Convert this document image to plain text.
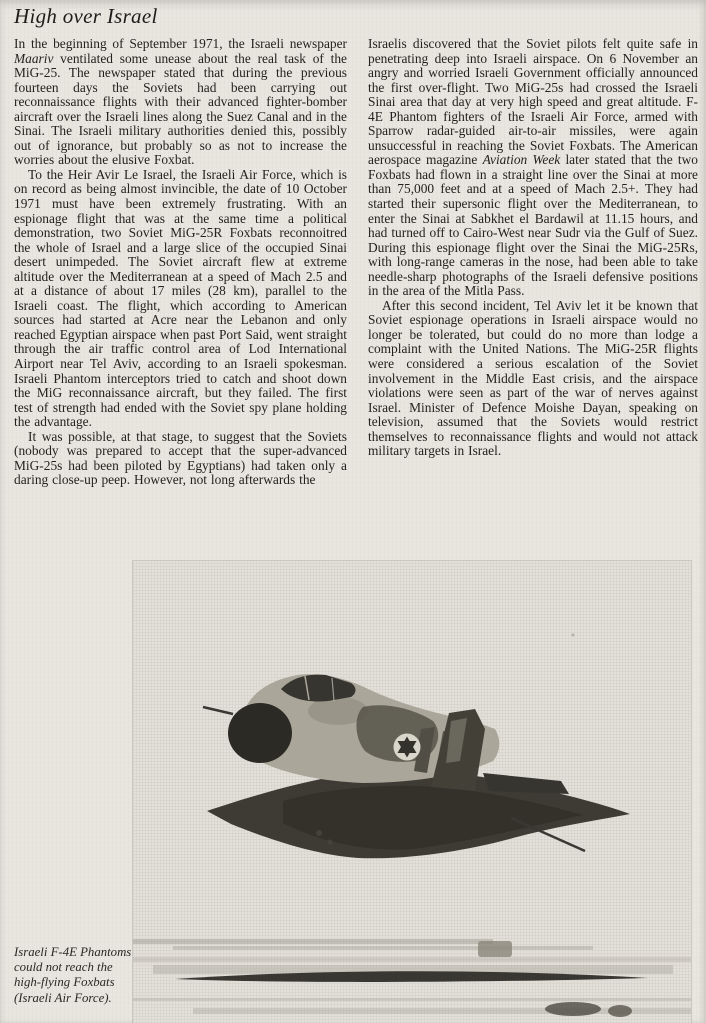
High over Israel

In the beginning of September 1971, the Israeli newspaper Maariv ventilated some unease about the real task of the MiG-25. The newspaper stated that during the previous fourteen days the Soviets had been carrying out reconnaissance flights with their advanced fighter-bomber aircraft over the Israeli lines along the Suez Canal and in the Sinai. The Israeli military authorities denied this, possibly out of ignorance, but probably so as not to increase the worries about the elusive Foxbat.

To the Heir Avir Le Israel, the Israeli Air Force, which is on record as being almost invincible, the date of 10 October 1971 must have been extremely frustrating. With an espionage flight that was at the same time a political demonstration, two Soviet MiG-25R Foxbats reconnoitred the whole of Israel and a large slice of the occupied Sinai desert unimpeded. The Soviet aircraft flew at extreme altitude over the Mediterranean at a speed of Mach 2.5 and at a distance of about 17 miles (28 km), parallel to the Israeli coast. The flight, which according to American sources had started at Acre near the Lebanon and only reached Egyptian airspace when past Port Said, went straight through the air traffic control area of Lod International Airport near Tel Aviv, according to an Israeli spokesman. Israeli Phantom interceptors tried to catch and shoot down the MiG reconnaissance aircraft, but they failed. The first test of strength had ended with the Soviet spy plane holding the advantage.

It was possible, at that stage, to suggest that the Soviets (nobody was prepared to accept that the super-advanced MiG-25s had been piloted by Egyptians) had taken only a daring close-up peep. However, not long afterwards the

Israelis discovered that the Soviet pilots felt quite safe in penetrating deep into Israeli airspace. On 6 November an angry and worried Israeli Government officially announced the first over-flight. Two MiG-25s had crossed the Israeli Sinai area that day at very high speed and great altitude. F-4E Phantom fighters of the Israeli Air Force, armed with Sparrow radar-guided air-to-air missiles, were again unsuccessful in reaching the Soviet Foxbats. The American aerospace magazine Aviation Week later stated that the two Foxbats had flown in a straight line over the Sinai at more than 75,000 feet and at a speed of Mach 2.5+. They had started their supersonic flight over the Mediterranean, to enter the Sinai at Sabkhet el Bardawil at 11.15 hours, and had turned off to Cairo-West near Sudr via the Gulf of Suez. During this espionage flight over the Sinai the MiG-25Rs, with long-range cameras in the nose, had been able to take needle-sharp photographs of the Israeli defensive positions in the area of the Mitla Pass.

After this second incident, Tel Aviv let it be known that Soviet espionage operations in Israeli airspace would no longer be tolerated, but could do no more than lodge a complaint with the United Nations. The MiG-25R flights were considered a serious escalation of the Soviet involvement in the Middle East crisis, and the airspace violations were seen as part of the war of nerves against Israel. Minister of Defence Moishe Dayan, speaking on television, assumed that the Soviets would restrict themselves to reconnaissance flights and would not attack military targets in Israel.

Israeli F-4E Phantoms could not reach the high-flying Foxbats (Israeli Air Force).
